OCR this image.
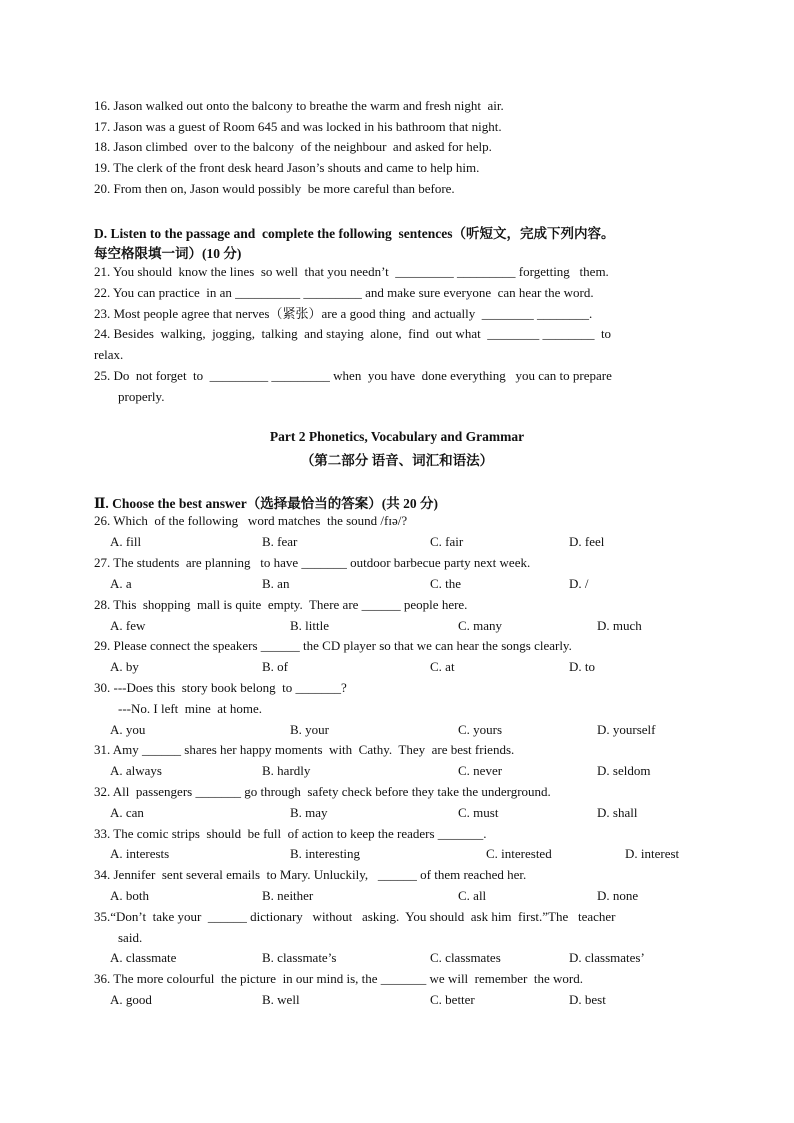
16. Jason walked out onto the balcony to breathe the warm and fresh night  air.
17. Jason was a guest of Room 645 and was locked in his bathroom that night.
18. Jason climbed  over to the balcony  of the neighbour  and asked for help.
19. The clerk of the front desk heard Jason’s shouts and came to help him.
20. From then on, Jason would possibly  be more careful than before.
D. Listen to the passage and  complete the following  sentences（听短文，完成下列内容。
每空格限填一词）(10 分)
21. You should  know the lines  so well  that you needn’t  _________ _________ forgetting   them.
22. You can practice  in an __________ _________ and make sure everyone  can hear the word.
23. Most people agree that nerves（紧张）are a good thing  and actually  ________ ________.
24. Besides  walking,  jogging,  talking  and staying  alone,  find  out what  ________ ________  to
relax.
25. Do  not forget  to  _________ _________ when  you have  done everything   you can to prepare
properly.
Part 2 Phonetics, Vocabulary and Grammar
（第二部分 语音、词汇和语法）
Ⅱ. Choose the best answer（选择最恰当的答案）(共 20 分)
26. Which  of the following   word matches  the sound /fɪə/?
A. fill	B. fear	C. fair	D. feel
27. The students  are planning   to have _______ outdoor barbecue party next week.
A. a	B. an	C. the	D. /
28. This  shopping  mall is quite  empty.  There are ______ people here.
A. few	B. little	C. many	D. much
29. Please connect the speakers ______ the CD player so that we can hear the songs clearly.
A. by	B. of	C. at	D. to
30. ---Does this  story book belong  to _______?
---No. I left  mine  at home.
A. you	B. your	C. yours	D. yourself
31. Amy ______ shares her happy moments  with  Cathy.  They  are best friends.
A. always	B. hardly	C. never	D. seldom
32. All  passengers _______ go through  safety check before they take the underground.
A. can	B. may	C. must	D. shall
33. The comic strips  should  be full  of action to keep the readers _______.
A. interests	B. interesting	C. interested	D. interest
34. Jennifer  sent several emails  to Mary. Unluckily,   ______ of them reached her.
A. both	B. neither	C. all	D. none
35.“Don’t  take your  ______ dictionary   without   asking.  You should  ask him  first.”The   teacher
said.
A. classmate	B. classmate’s	C. classmates	D. classmates’
36. The more colourful  the picture  in our mind is, the _______ we will  remember  the word.
A. good	B. well	C. better	D. best
